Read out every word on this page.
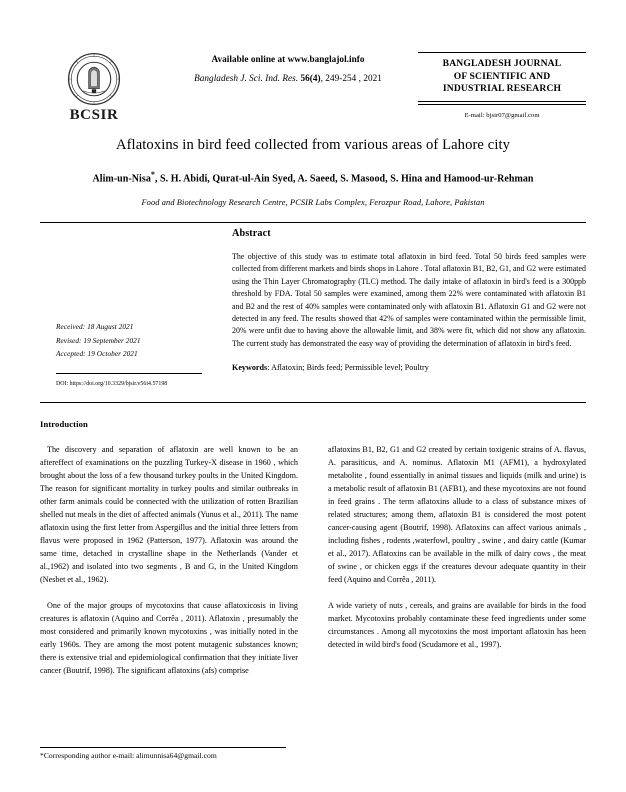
BCSIR
Available online at www.banglajol.info
Bangladesh J. Sci. Ind. Res. 56(4), 249-254 , 2021
BANGLADESH JOURNAL
OF SCIENTIFIC AND
INDUSTRIAL RESEARCH
E-mail: bjsir07@gmail.com
Aflatoxins in bird feed collected from various areas of Lahore city
Alim-un-Nisa*, S. H. Abidi, Qurat-ul-Ain Syed, A. Saeed, S. Masood, S. Hina and Hamood-ur-Rehman
Food and Biotechnology Research Centre, PCSIR Labs Complex, Ferozpur Road, Lahore, Pakistan
Received: 18 August 2021
Revised: 19 September 2021
Accepted: 19 October 2021
DOI: https://doi.org/10.3329/bjsir.v56i4.57198
Abstract
The objective of this study was to estimate total aflatoxin in bird feed. Total 50 birds feed samples were collected from different markets and birds shops in Lahore . Total aflatoxin B1, B2, G1, and G2 were estimated using the Thin Layer Chromatography (TLC) method. The daily intake of aflatoxin in bird's feed is a 300ppb threshold by FDA. Total 50 samples were examined, among them 22% were contaminated with aflatoxin B1 and B2 and the rest of 40% samples were contaminated only with aflatoxin B1. Aflatoxin G1 and G2 were not detected in any feed. The results showed that 42% of samples were contaminated within the permissible limit, 20% were unfit due to having above the allowable limit, and 38% were fit, which did not show any aflatoxin. The current study has demonstrated the easy way of providing the determination of aflatoxin in bird's feed.
Keywords: Aflatoxin; Birds feed; Permissible level; Poultry
Introduction

The discovery and separation of aflatoxin are well known to be an aftereffect of examinations on the puzzling Turkey-X disease in 1960 , which brought about the loss of a few thousand turkey poults in the United Kingdom. The reason for significant mortality in turkey poults and similar outbreaks in other farm animals could be connected with the utilization of rotten Brazilian shelled nut meals in the diet of affected animals (Yunus et al., 2011). The name aflatoxin using the first letter from Aspergillus and the initial three letters from flavus were proposed in 1962 (Patterson, 1977). Aflatoxin was around the same time, detached in crystalline shape in the Netherlands (Vander et al.,1962) and isolated into two segments , B and G, in the United Kingdom (Nesbet et al., 1962).

One of the major groups of mycotoxins that cause aflatoxicosis in living creatures is aflatoxin (Aquino and Corrêa , 2011). Aflatoxin , presumably the most considered and primarily known mycotoxins , was initially noted in the early 1960s. They are among the most potent mutagenic substances known; there is extensive trial and epidemiological confirmation that they initiate liver cancer (Boutrif, 1998). The significant aflatoxins (afs) comprise

aflatoxins B1, B2, G1 and G2 created by certain toxigenic strains of A. flavus, A. parasiticus, and A. nominus. Aflatoxin M1 (AFM1), a hydroxylated metabolite , found essentially in animal tissues and liquids (milk and urine) is a metabolic result of aflatoxin B1 (AFB1), and these mycotoxins are not found in feed grains . The term aflatoxins allude to a class of substance mixes of related structures; among them, aflatoxin B1 is considered the most potent cancer-causing agent (Boutrif, 1998). Aflatoxins can affect various animals , including fishes , rodents ,waterfowl, poultry , swine , and dairy cattle (Kumar et al., 2017). Aflatoxins can be available in the milk of dairy cows , the meat of swine , or chicken eggs if the creatures devour adequate quantity in their feed (Aquino and Corrêa , 2011).

A wide variety of nuts , cereals, and grains are available for birds in the food market. Mycotoxins probably contaminate these feed ingredients under some circumstances . Among all mycotoxins the most important aflatoxin has been detected in wild bird's food (Scudamore et al., 1997).

*Corresponding author e-mail: alimunnisa64@gmail.com
